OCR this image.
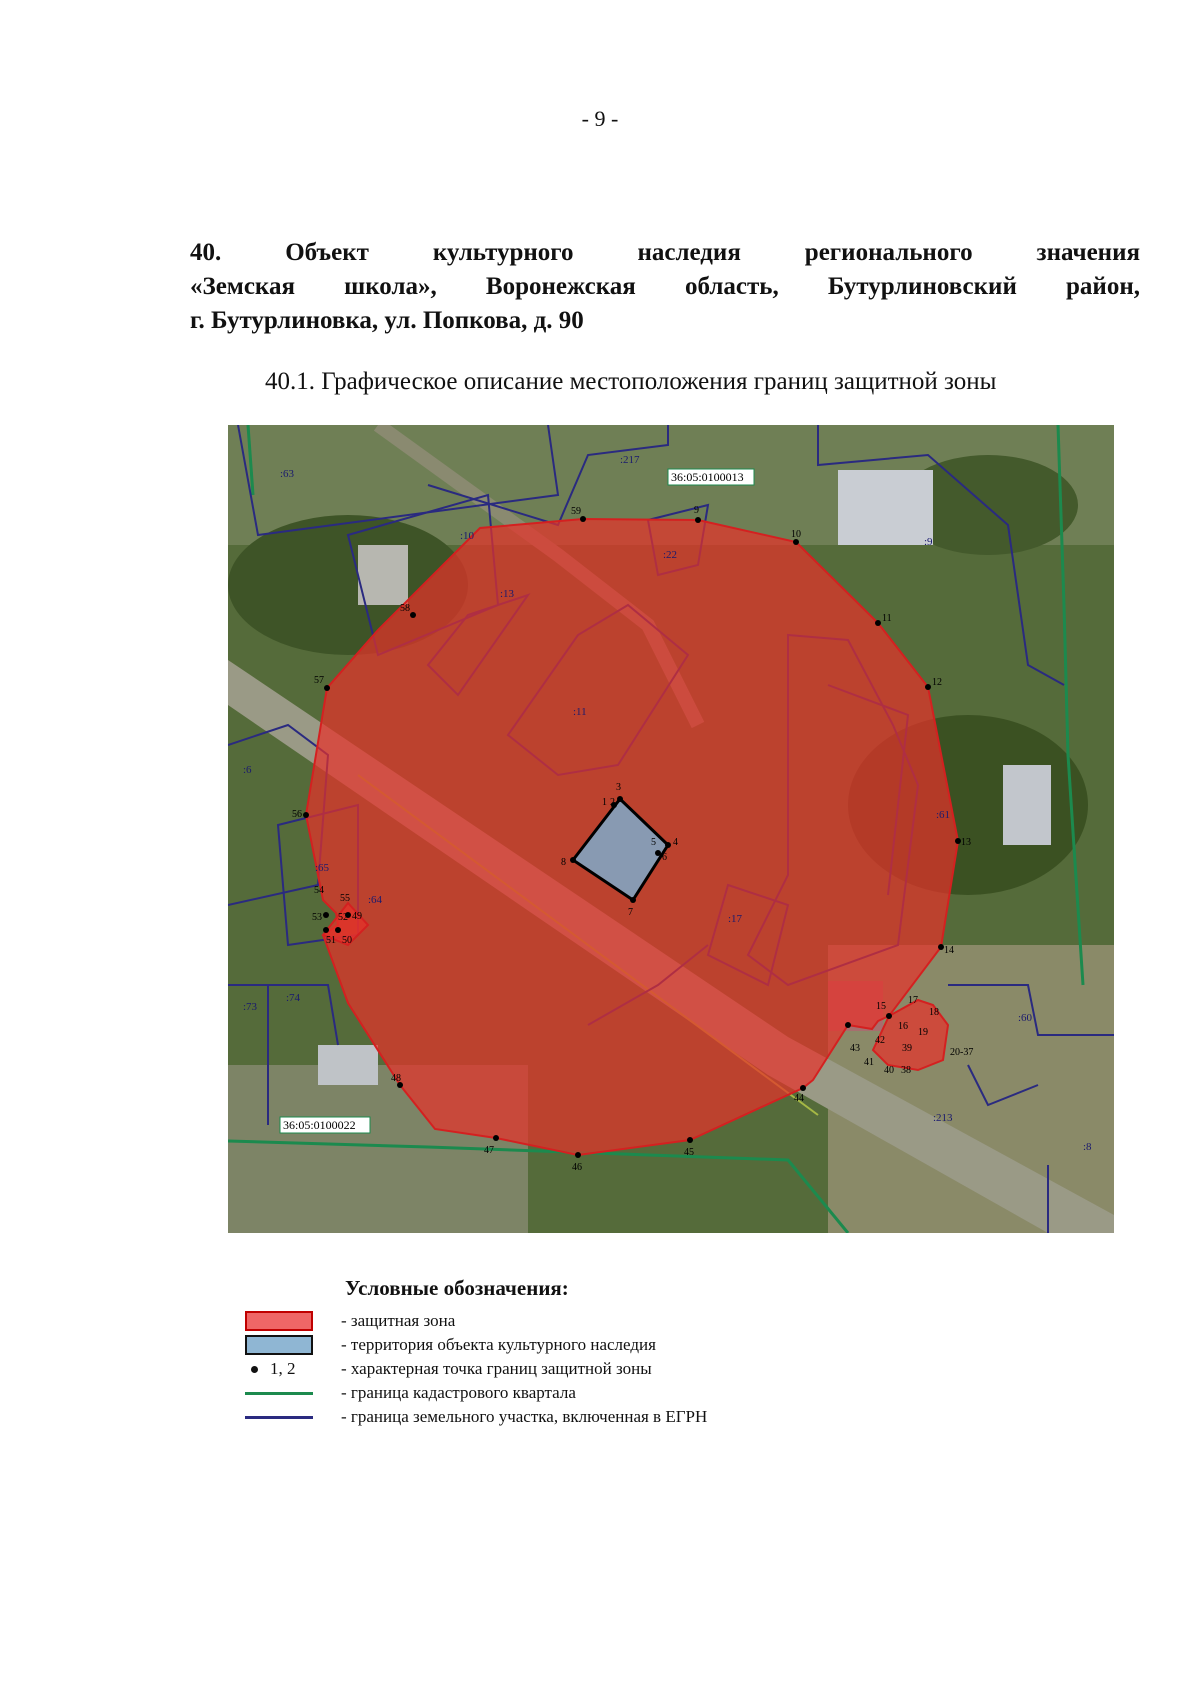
- 9 -
40. Объект культурного наследия регионального значения
«Земская школа», Воронежская область, Бутурлиновский район,
г. Бутурлиновка, ул. Попкова, д. 90
40.1. Графическое описание местоположения границ защитной зоны
36:05:0100013
36:05:0100022
:63
:217
:10
:22
:9
:13
:11
:6
:61
:65
:17
:64
:73
:74
:60
:213
:8
1 2
3
4
5
6
7
8
9
10
11
12
13
14
15
16
17
18
19
20-37
38
39
40
41
42
43
44
45
46
47
48
49
50
51
52
53
54
55
56
57
58
59
Условные обозначения:
- защитная зона
- территория объекта культурного наследия
1, 2	- характерная точка границ защитной зоны
- граница кадастрового квартала
- граница земельного участка, включенная в ЕГРН
